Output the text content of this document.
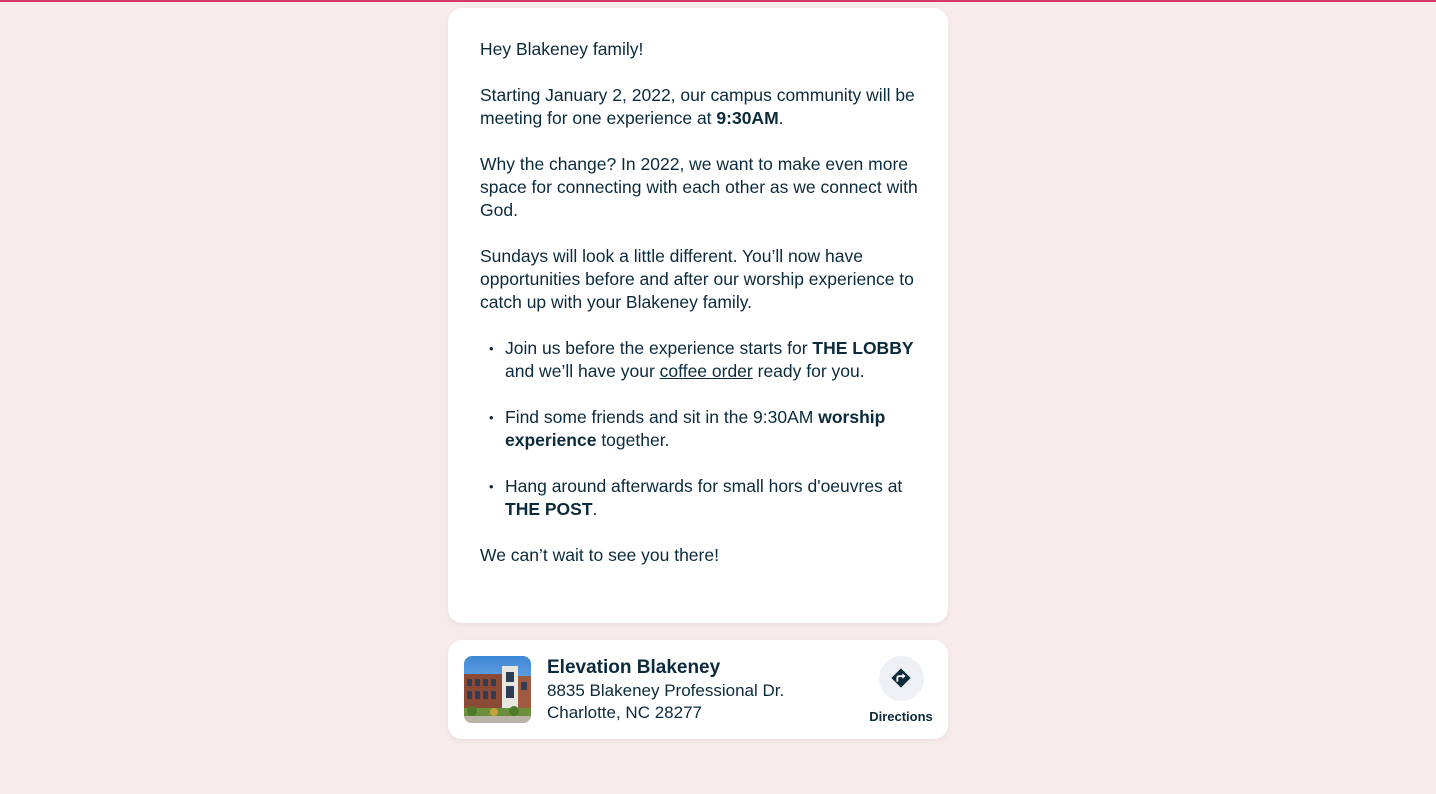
Hey Blakeney family!

Starting January 2, 2022, our campus community will be meeting for one experience at 9:30AM.

Why the change? In 2022, we want to make even more space for connecting with each other as we connect with God.

Sundays will look a little different. You’ll now have opportunities before and after our worship experience to catch up with your Blakeney family.

• Join us before the experience starts for THE LOBBY and we’ll have your coffee order ready for you.
• Find some friends and sit in the 9:30AM worship experience together.
• Hang around afterwards for small hors d'oeuvres at THE POST.

We can’t wait to see you there!

Elevation Blakeney
8835 Blakeney Professional Dr.
Charlotte, NC 28277	Directions
